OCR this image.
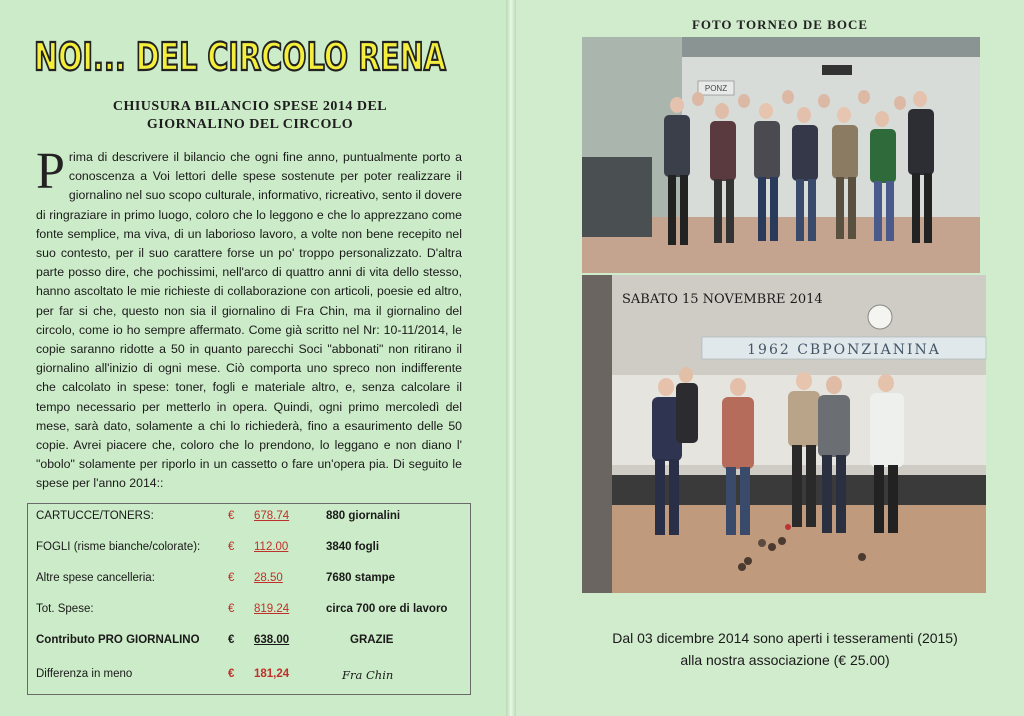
NOI... DEL CIRCOLO RENA
CHIUSURA BILANCIO SPESE 2014 DEL
GIORNALINO DEL CIRCOLO
Prima di descrivere il bilancio che ogni fine anno, puntualmente porto a conoscenza a Voi lettori delle spese sostenute per poter realizzare il giornalino nel suo scopo culturale, informativo, ricreativo, sento il dovere di ringraziare in primo luogo, coloro che lo leggono e che lo apprezzano come fonte semplice, ma viva, di un laborioso lavoro, a volte non bene recepito nel suo contesto, per il suo carattere forse un po' troppo personalizzato. D'altra parte posso dire, che pochissimi, nell'arco di quattro anni di vita dello stesso, hanno ascoltato le mie richieste di collaborazione con articoli, poesie ed altro, per far si che, questo non sia il giornalino di Fra Chin, ma il giornalino del circolo, come io ho sempre affermato. Come già scritto nel Nr: 10-11/2014, le copie saranno ridotte a 50 in quanto parecchi Soci "abbonati" non ritirano il giornalino all'inizio di ogni mese. Ciò comporta uno spreco non indifferente che calcolato in spese: toner, fogli e materiale altro, e, senza calcolare il tempo necessario per metterlo in opera. Quindi, ogni primo mercoledì del mese, sarà dato, solamente a chi lo richiederà, fino a esaurimento delle 50 copie. Avrei piacere che, coloro che lo prendono, lo leggano e non diano l' "obolo" solamente per riporlo in un cassetto o fare un'opera pia. Di seguito le spese per l'anno 2014::
CARTUCCE/TONERS:	€ 678.74	880 giornalini
FOGLI (risme bianche/colorate): € 112.00	3840 fogli
Altre spese cancelleria:	€ 28.50	7680 stampe
Tot. Spese:	€ 819.24	circa 700 ore di lavoro
Contributo PRO GIORNALINO € 638.00	GRAZIE
Differenza in meno	€ 181,24	Fra Chin
FOTO TORNEO DE BOCE
PONZ
1962 CBPONZIANINA
SABATO 15 NOVEMBRE 2014
Dal 03 dicembre 2014 sono aperti i tesseramenti (2015)
alla nostra associazione (€ 25.00)
